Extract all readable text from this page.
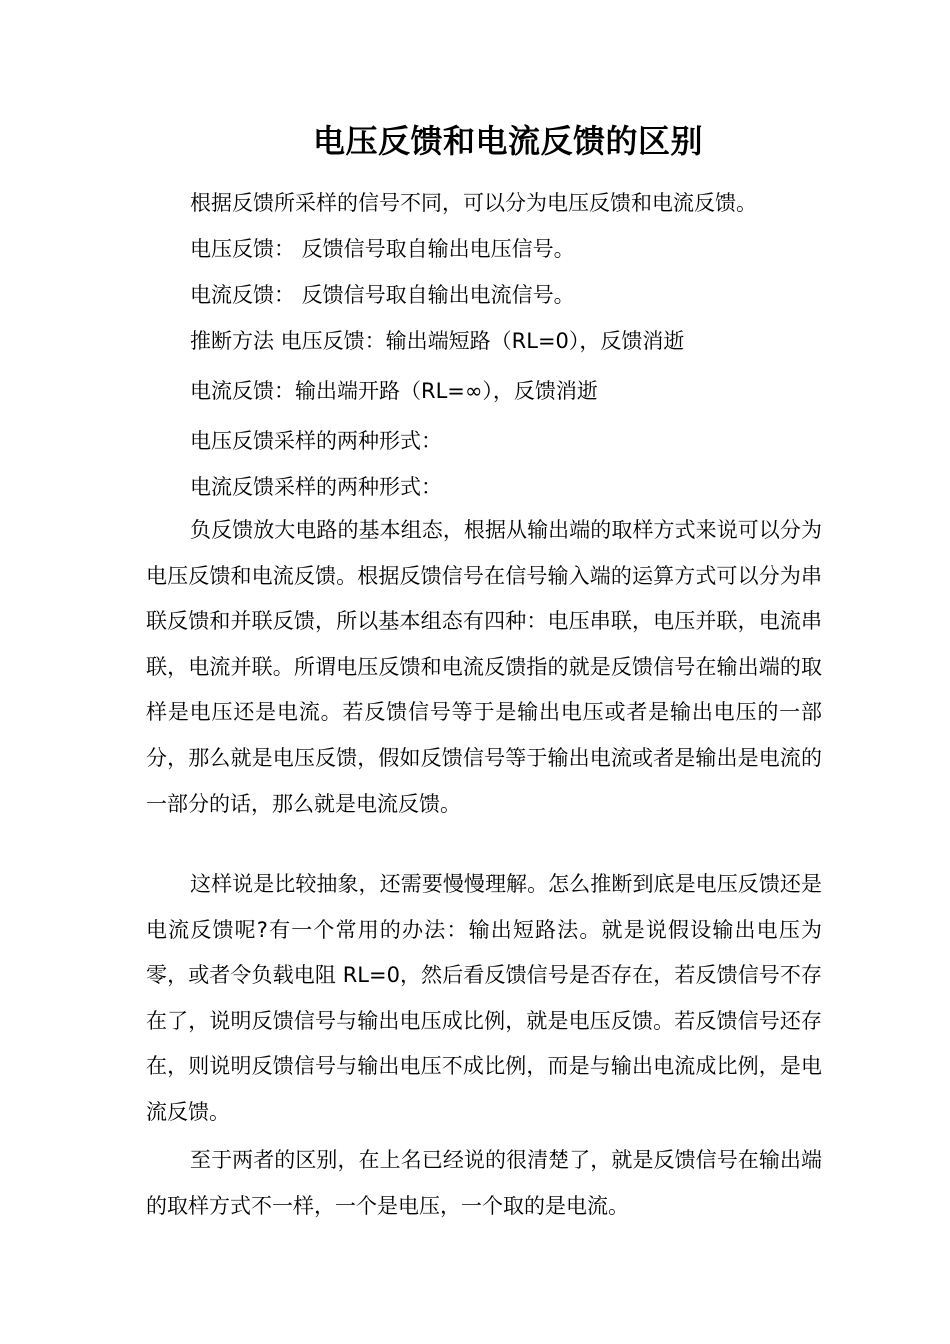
电压反馈和电流反馈的区别
根据反馈所采样的信号不同，可以分为电压反馈和电流反馈。
电压反馈： 反馈信号取自输出电压信号。
电流反馈： 反馈信号取自输出电流信号。
推断方法 电压反馈：输出端短路（RL=0），反馈消逝
电流反馈：输出端开路（RL=∞），反馈消逝
电压反馈采样的两种形式：
电流反馈采样的两种形式：

负反馈放大电路的基本组态，根据从输出端的取样方式来说可以分为电压反馈和电流反馈。根据反馈信号在信号输入端的运算方式可以分为串联反馈和并联反馈，所以基本组态有四种：电压串联，电压并联，电流串联，电流并联。所谓电压反馈和电流反馈指的就是反馈信号在输出端的取样是电压还是电流。若反馈信号等于是输出电压或者是输出电压的一部分，那么就是电压反馈，假如反馈信号等于输出电流或者是输出是电流的一部分的话，那么就是电流反馈。

这样说是比较抽象，还需要慢慢理解。怎么推断到底是电压反馈还是电流反馈呢?有一个常用的办法：输出短路法。就是说假设输出电压为零，或者令负载电阻 RL=0，然后看反馈信号是否存在，若反馈信号不存在了，说明反馈信号与输出电压成比例，就是电压反馈。若反馈信号还存在，则说明反馈信号与输出电压不成比例，而是与输出电流成比例，是电流反馈。

至于两者的区别，在上名已经说的很清楚了，就是反馈信号在输出端的取样方式不一样，一个是电压，一个取的是电流。
